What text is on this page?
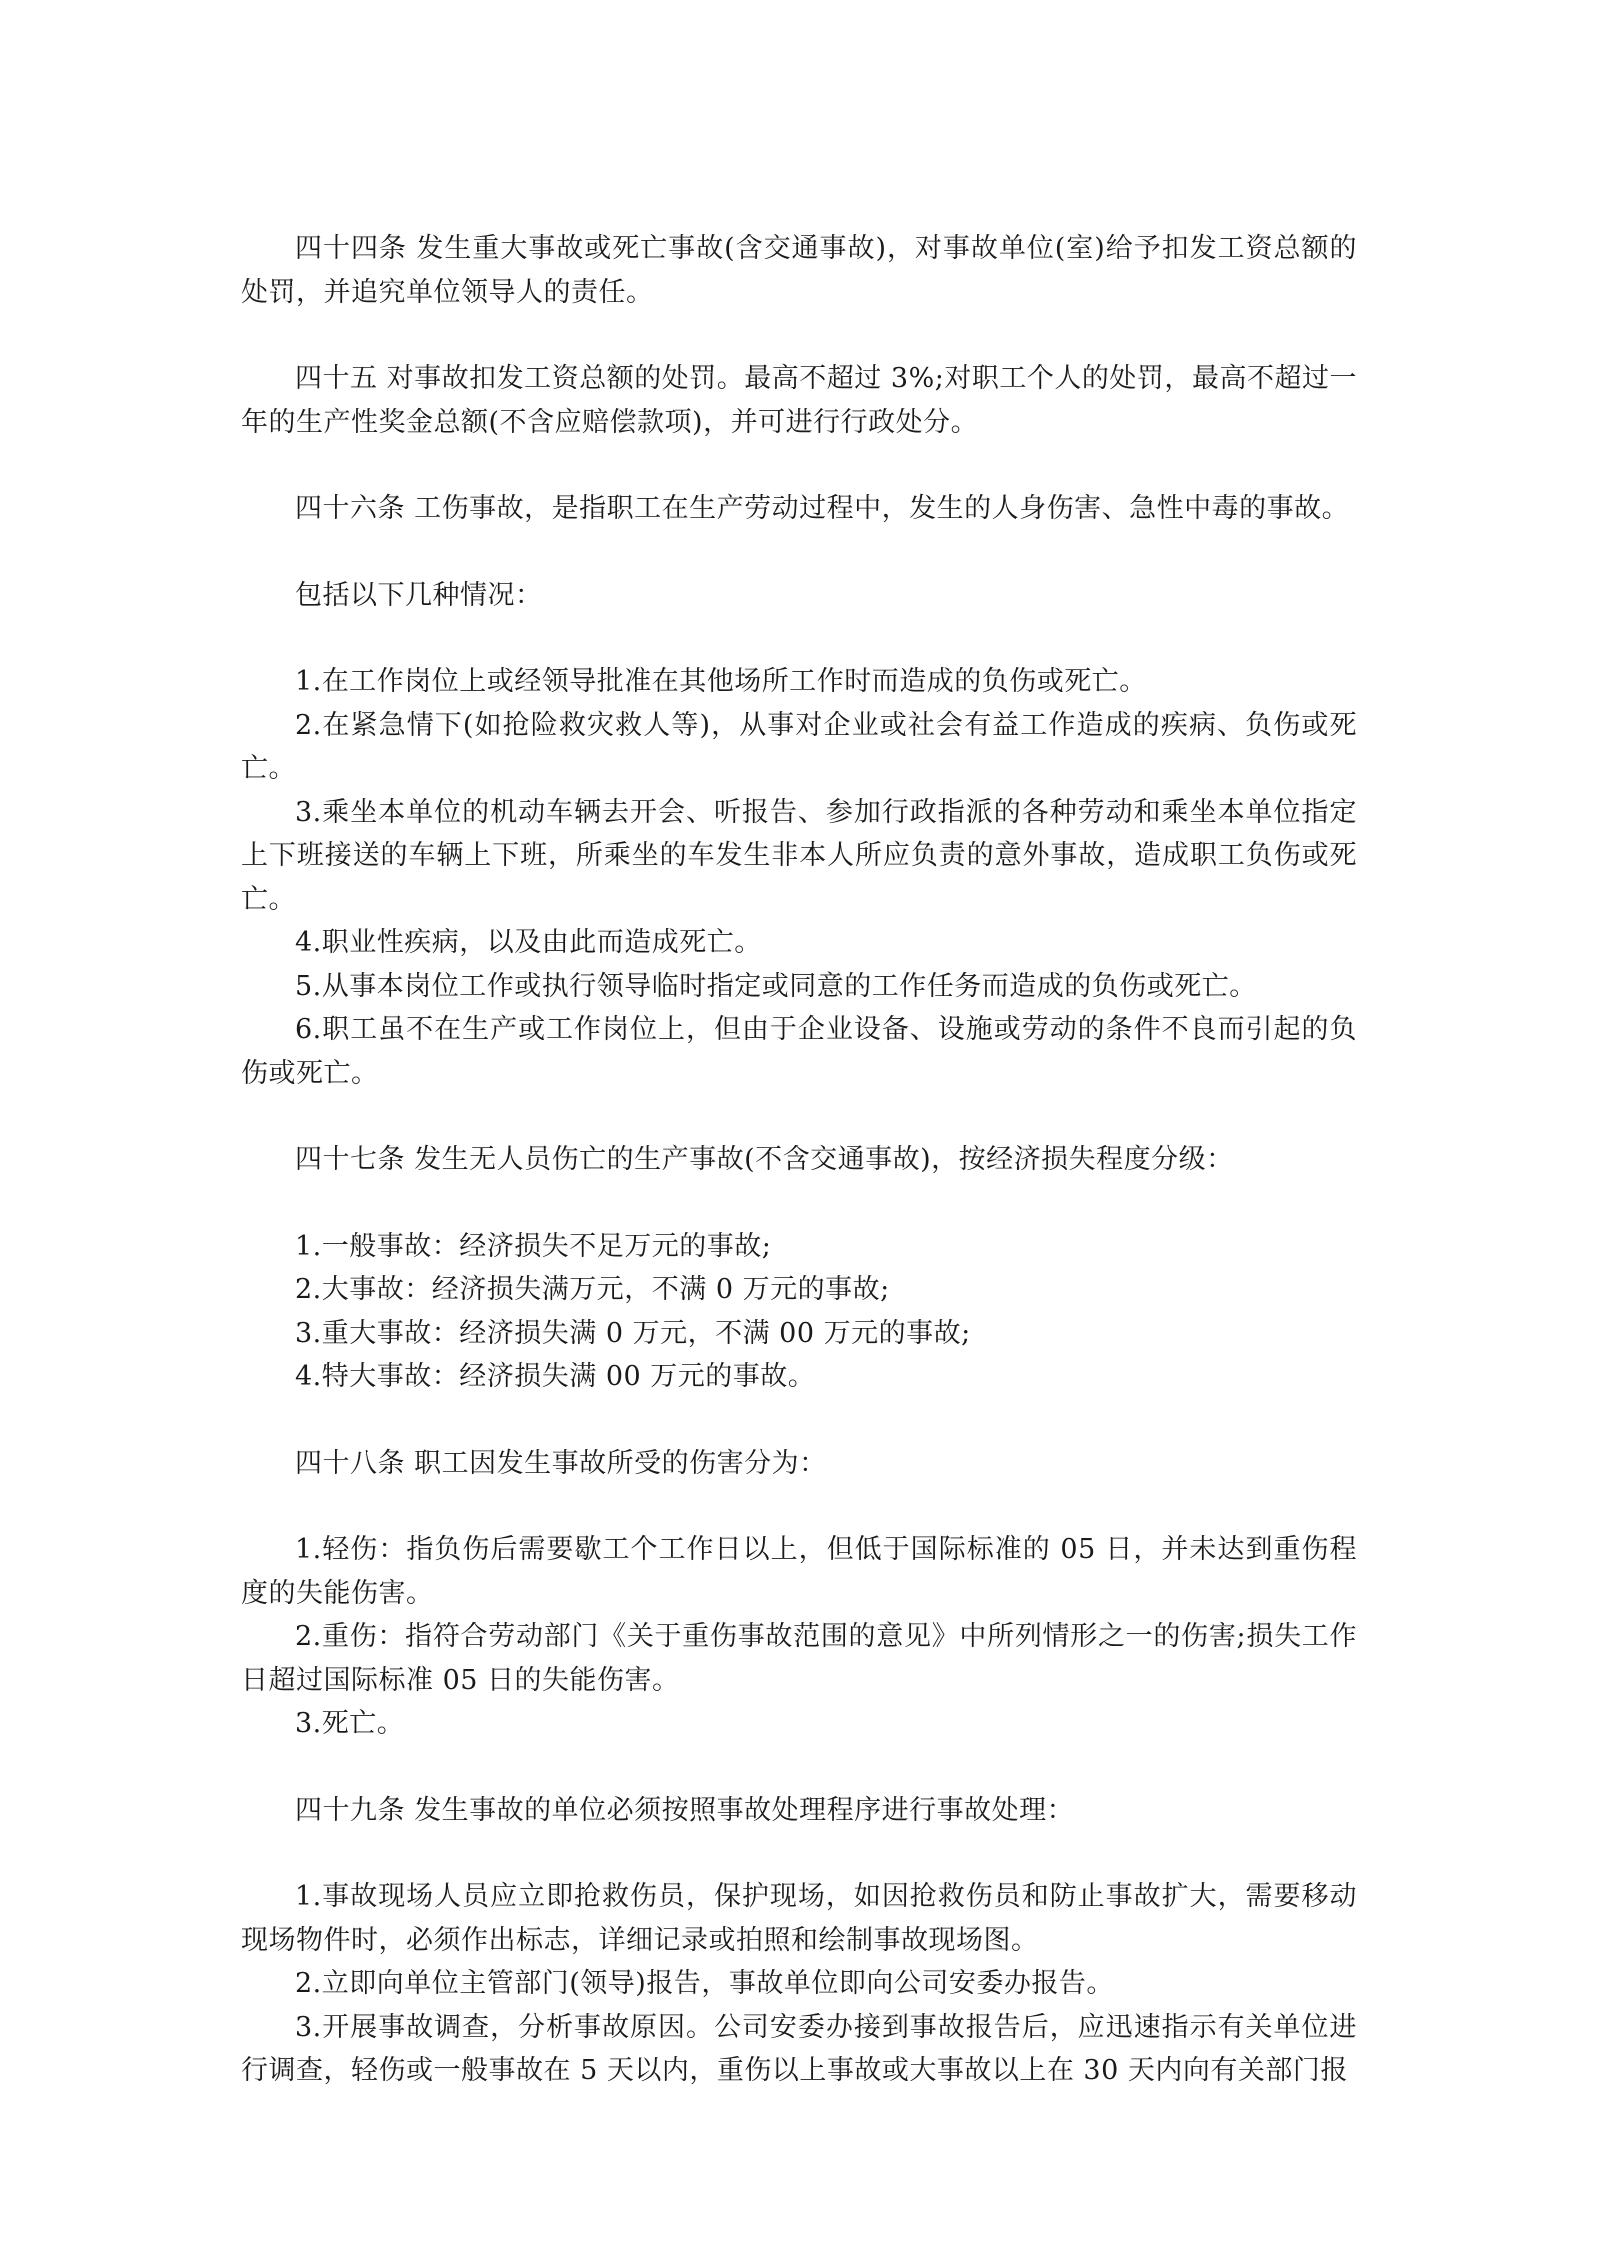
四十四条 发生重大事故或死亡事故(含交通事故)，对事故单位(室)给予扣发工资总额的处罚，并追究单位领导人的责任。

四十五 对事故扣发工资总额的处罚。最高不超过 3%;对职工个人的处罚，最高不超过一年的生产性奖金总额(不含应赔偿款项)，并可进行行政处分。

四十六条 工伤事故，是指职工在生产劳动过程中，发生的人身伤害、急性中毒的事故。

包括以下几种情况：

1.在工作岗位上或经领导批准在其他场所工作时而造成的负伤或死亡。

2.在紧急情下(如抢险救灾救人等)，从事对企业或社会有益工作造成的疾病、负伤或死亡。

3.乘坐本单位的机动车辆去开会、听报告、参加行政指派的各种劳动和乘坐本单位指定上下班接送的车辆上下班，所乘坐的车发生非本人所应负责的意外事故，造成职工负伤或死亡。

4.职业性疾病，以及由此而造成死亡。

5.从事本岗位工作或执行领导临时指定或同意的工作任务而造成的负伤或死亡。

6.职工虽不在生产或工作岗位上，但由于企业设备、设施或劳动的条件不良而引起的负伤或死亡。

四十七条 发生无人员伤亡的生产事故(不含交通事故)，按经济损失程度分级：

1.一般事故：经济损失不足万元的事故;

2.大事故：经济损失满万元，不满 0 万元的事故;

3.重大事故：经济损失满 0 万元，不满 00 万元的事故;

4.特大事故：经济损失满 00 万元的事故。

四十八条 职工因发生事故所受的伤害分为：

1.轻伤：指负伤后需要歇工个工作日以上，但低于国际标准的 05 日，并未达到重伤程度的失能伤害。

2.重伤：指符合劳动部门《关于重伤事故范围的意见》中所列情形之一的伤害;损失工作日超过国际标准 05 日的失能伤害。

3.死亡。

四十九条 发生事故的单位必须按照事故处理程序进行事故处理：

1.事故现场人员应立即抢救伤员，保护现场，如因抢救伤员和防止事故扩大，需要移动现场物件时，必须作出标志，详细记录或拍照和绘制事故现场图。

2.立即向单位主管部门(领导)报告，事故单位即向公司安委办报告。

3.开展事故调查，分析事故原因。公司安委办接到事故报告后，应迅速指示有关单位进行调查，轻伤或一般事故在 5 天以内，重伤以上事故或大事故以上在 30 天内向有关部门报
